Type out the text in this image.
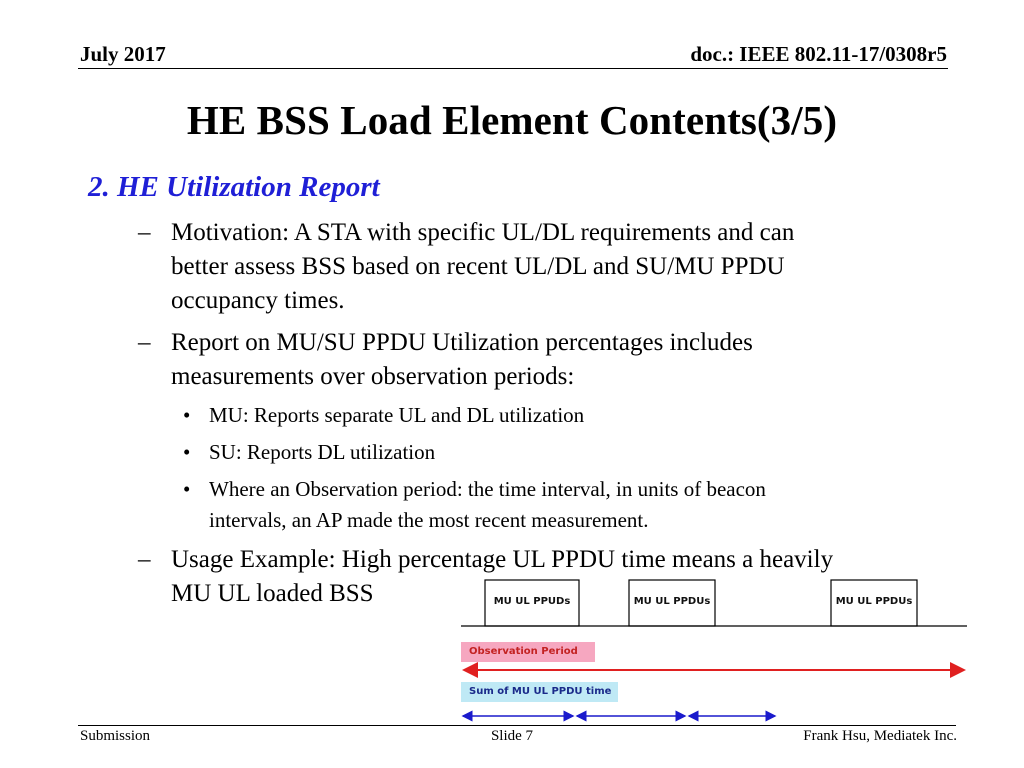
July 2017	doc.: IEEE 802.11-17/0308r5
HE BSS Load Element Contents(3/5)
2. HE Utilization Report
– Motivation: A STA with specific UL/DL requirements and can
better assess BSS based on recent UL/DL and SU/MU PPDU
occupancy times.
– Report on MU/SU PPDU Utilization percentages includes
measurements over observation periods:
• MU: Reports separate UL and DL utilization
• SU: Reports DL utilization
• Where an Observation period: the time interval, in units of beacon
intervals, an AP made the most recent measurement.
– Usage Example: High percentage UL PPDU time means a heavily
MU UL loaded BSS	MU UL PPUDs	MU UL PPDUs	MU UL PPDUs
Observation Period
Sum of MU UL PPDU time
Submission	Slide 7	Frank Hsu, Mediatek Inc.
